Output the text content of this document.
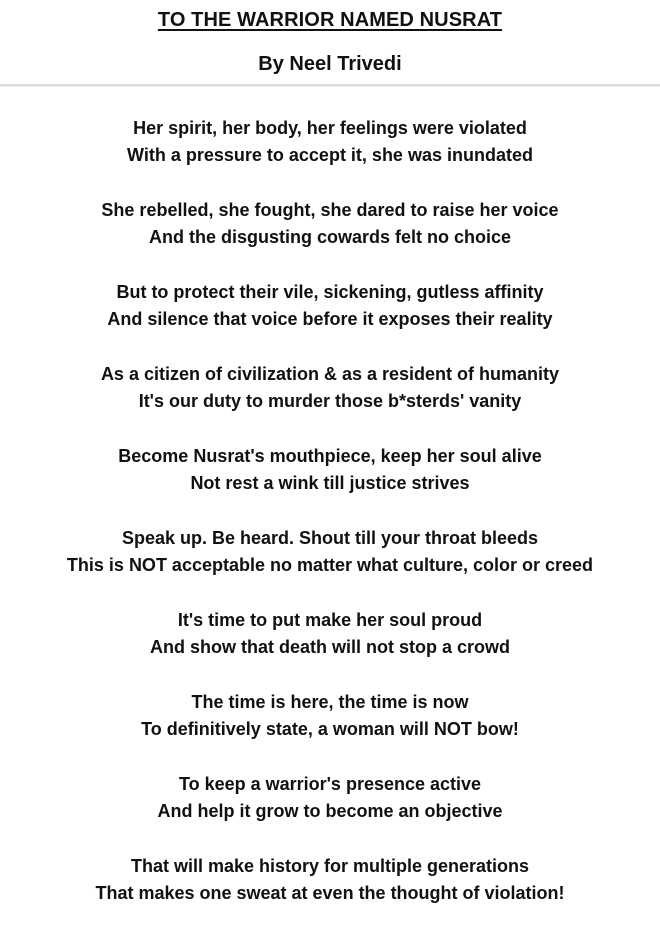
TO THE WARRIOR NAMED NUSRAT
By Neel Trivedi
Her spirit, her body, her feelings were violated
With a pressure to accept it, she was inundated
She rebelled, she fought, she dared to raise her voice
And the disgusting cowards felt no choice
But to protect their vile, sickening, gutless affinity
And silence that voice before it exposes their reality
As a citizen of civilization & as a resident of humanity
It's our duty to murder those b*sterds' vanity
Become Nusrat's mouthpiece, keep her soul alive
Not rest a wink till justice strives
Speak up. Be heard. Shout till your throat bleeds
This is NOT acceptable no matter what culture, color or creed
It's time to put make her soul proud
And show that death will not stop a crowd
The time is here, the time is now
To definitively state, a woman will NOT bow!
To keep a warrior's presence active
And help it grow to become an objective
That will make history for multiple generations
That makes one sweat at even the thought of violation!
